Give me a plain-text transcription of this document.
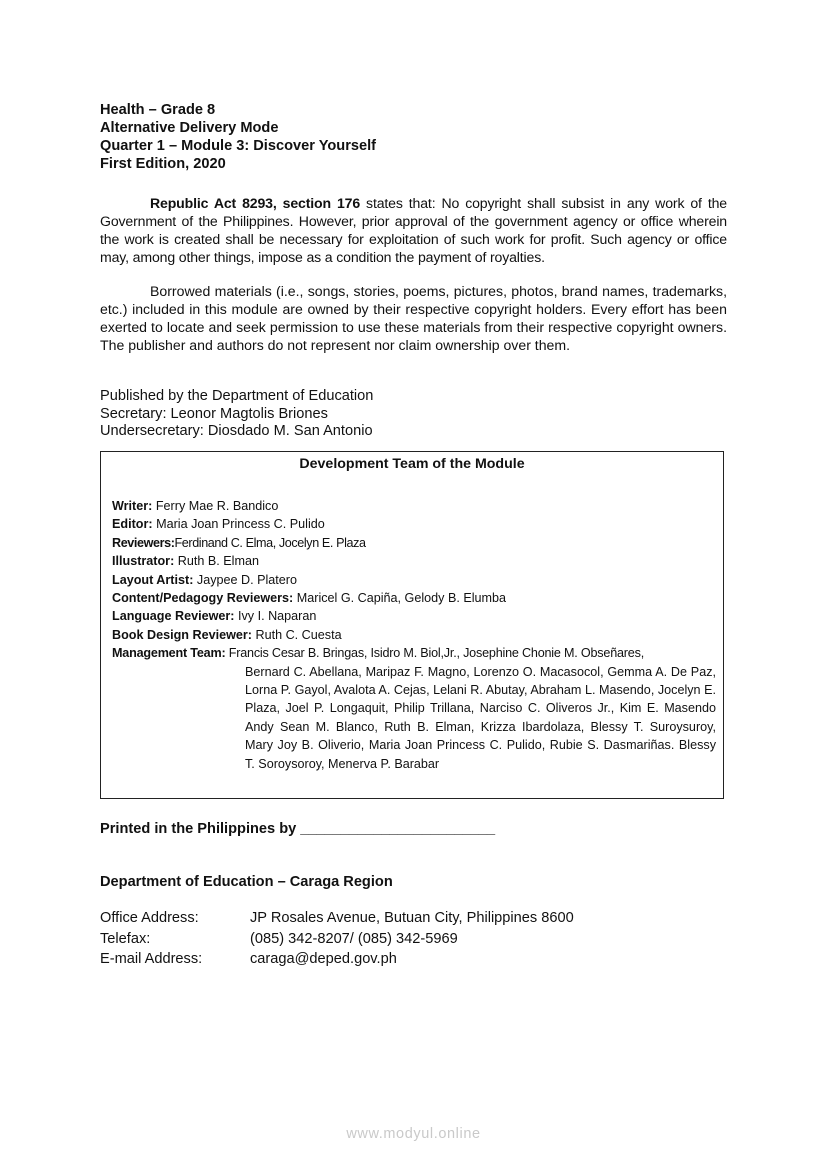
Health – Grade 8
Alternative Delivery Mode
Quarter 1 – Module 3: Discover Yourself
First Edition, 2020
Republic Act 8293, section 176 states that: No copyright shall subsist in any work of the Government of the Philippines. However, prior approval of the government agency or office wherein the work is created shall be necessary for exploitation of such work for profit. Such agency or office may, among other things, impose as a condition the payment of royalties.
Borrowed materials (i.e., songs, stories, poems, pictures, photos, brand names, trademarks, etc.) included in this module are owned by their respective copyright holders. Every effort has been exerted to locate and seek permission to use these materials from their respective copyright owners. The publisher and authors do not represent nor claim ownership over them.
Published by the Department of Education
Secretary: Leonor Magtolis Briones
Undersecretary: Diosdado M. San Antonio
Development Team of the Module
Writer: Ferry Mae R. Bandico
Editor: Maria Joan Princess C. Pulido
Reviewers:Ferdinand C. Elma, Jocelyn E. Plaza
Illustrator: Ruth B. Elman
Layout Artist: Jaypee D. Platero
Content/Pedagogy Reviewers: Maricel G. Capiña, Gelody B. Elumba
Language Reviewer: Ivy I. Naparan
Book Design Reviewer: Ruth C. Cuesta
Management Team: Francis Cesar B. Bringas, Isidro M. Biol,Jr., Josephine Chonie M. Obseñares,
Bernard C. Abellana, Maripaz F. Magno, Lorenzo O. Macasocol, Gemma A. De Paz, Lorna P. Gayol, Avalota A. Cejas, Lelani R. Abutay, Abraham L. Masendo, Jocelyn E. Plaza, Joel P. Longaquit, Philip Trillana, Narciso C. Oliveros Jr., Kim E. Masendo Andy Sean M. Blanco, Ruth B. Elman, Krizza Ibardolaza, Blessy T. Suroysuroy, Mary Joy B. Oliverio, Maria Joan Princess C. Pulido, Rubie S. Dasmariñas. Blessy T. Soroysoroy, Menerva P. Barabar
Printed in the Philippines by ________________________
Department of Education – Caraga Region
Office Address:	JP Rosales Avenue, Butuan City, Philippines 8600
Telefax:	(085) 342-8207/ (085) 342-5969
E-mail Address:	caraga@deped.gov.ph
www.modyul.online
